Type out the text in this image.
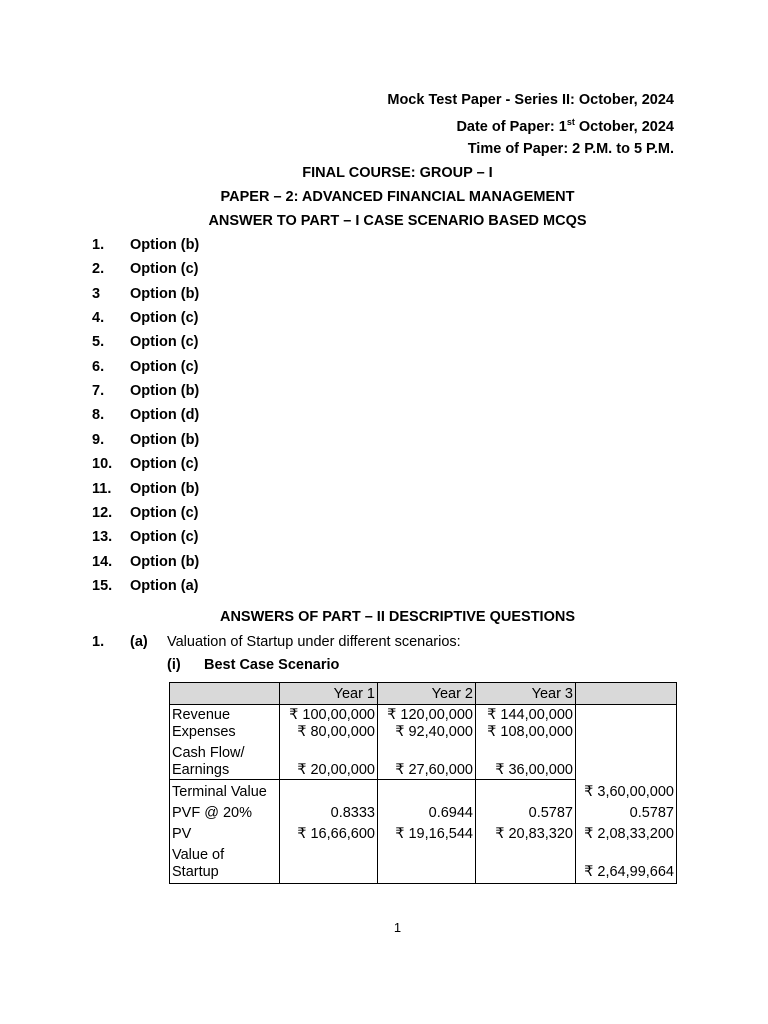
Mock Test Paper - Series II: October, 2024
Date of Paper: 1st October, 2024
Time of Paper: 2 P.M. to 5 P.M.
FINAL COURSE: GROUP – I
PAPER – 2: ADVANCED FINANCIAL MANAGEMENT
ANSWER TO PART – I CASE SCENARIO BASED MCQS
1. Option (b)
2. Option (c)
3 Option (b)
4. Option (c)
5. Option (c)
6. Option (c)
7. Option (b)
8. Option (d)
9. Option (b)
10. Option (c)
11. Option (b)
12. Option (c)
13. Option (c)
14. Option (b)
15. Option (a)
ANSWERS OF PART – II DESCRIPTIVE QUESTIONS
1. (a) Valuation of Startup under different scenarios:
(i) Best Case Scenario
	Year 1	Year 2	Year 3	
Revenue	₹ 100,00,000	₹ 120,00,000	₹ 144,00,000	
Expenses	₹ 80,00,000	₹ 92,40,000	₹ 108,00,000	
Cash Flow/
Earnings	₹ 20,00,000	₹ 27,60,000	₹ 36,00,000	
Terminal Value				₹ 3,60,00,000
PVF @ 20%	0.8333	0.6944	0.5787	0.5787
PV	₹ 16,66,600	₹ 19,16,544	₹ 20,83,320	₹ 2,08,33,200
Value of
Startup				₹ 2,64,99,664
1
